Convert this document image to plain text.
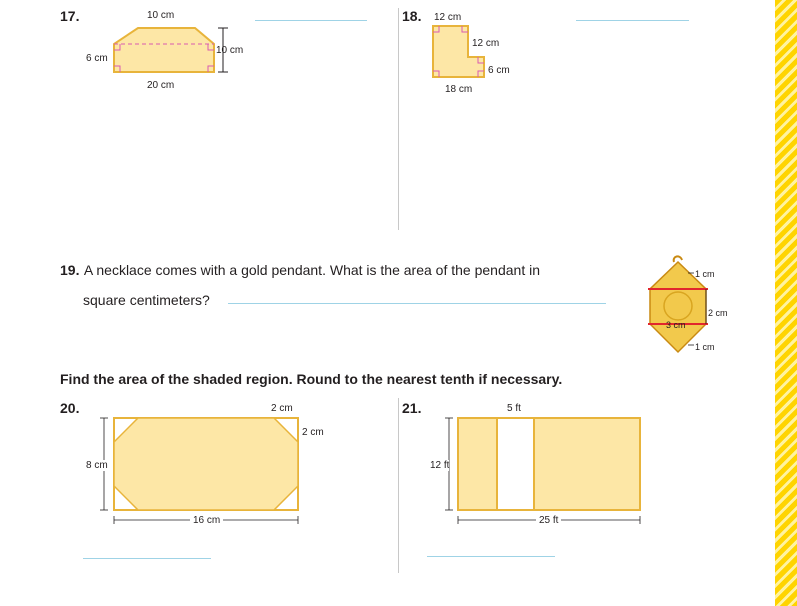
17.	10 cm
6 cm
10 cm
20 cm
18. 12 cm
12 cm
6 cm
18 cm
19. A necklace comes with a gold pendant. What is the area of the pendant in
square centimeters?
1 cm
2 cm
3 cm
1 cm
Find the area of the shaded region. Round to the nearest tenth if necessary.
20.	2 cm
2 cm
8 cm
16 cm
21.	5 ft
12 ft
25 ft
